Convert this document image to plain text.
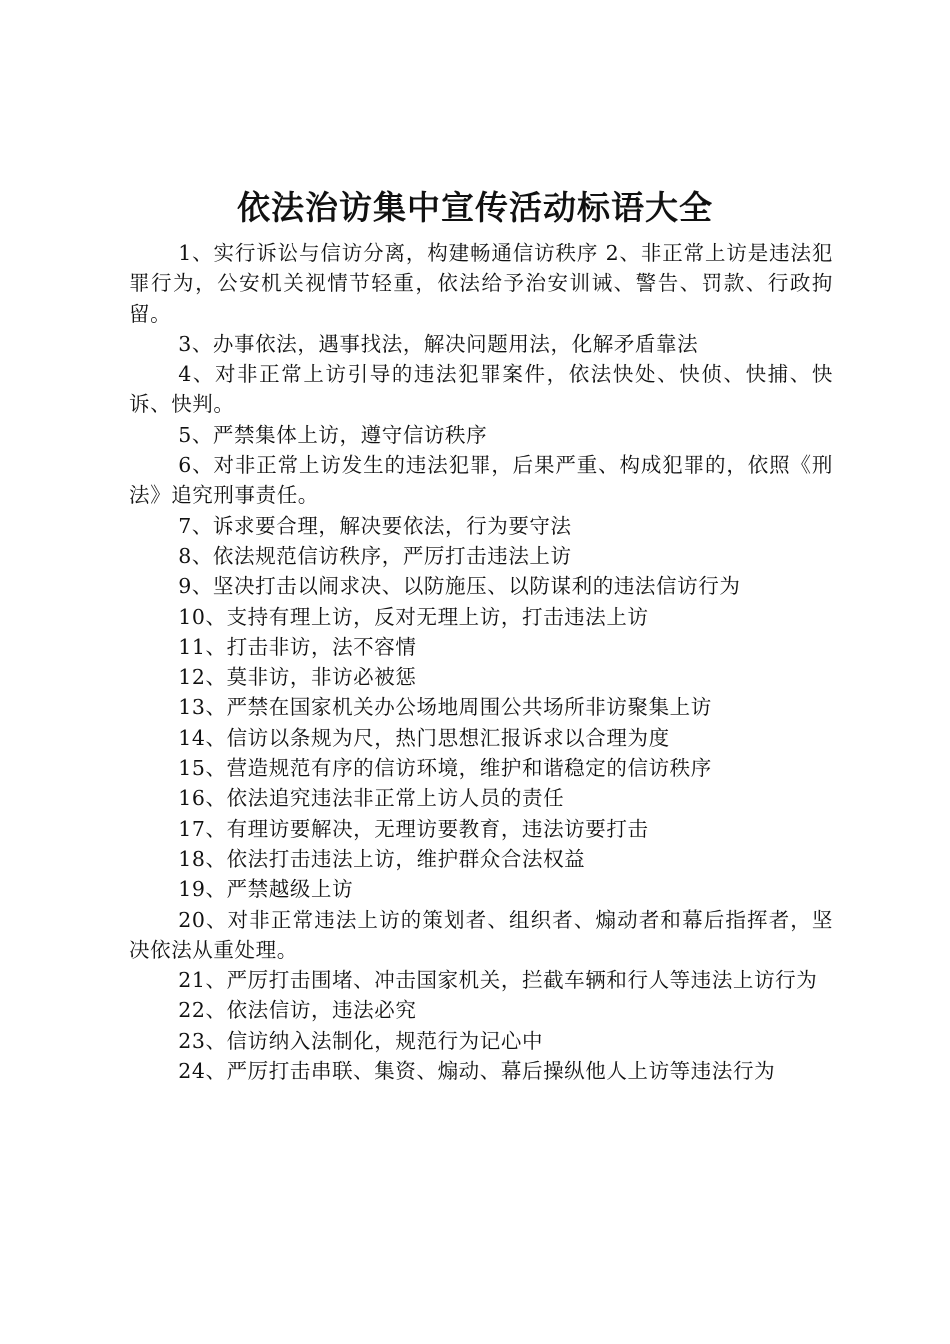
依法治访集中宣传活动标语大全

1、实行诉讼与信访分离，构建畅通信访秩序 2、非正常上访是违法犯罪行为，公安机关视情节轻重，依法给予治安训诫、警告、罚款、行政拘留。

3、办事依法，遇事找法，解决问题用法，化解矛盾靠法

4、对非正常上访引导的违法犯罪案件，依法快处、快侦、快捕、快诉、快判。

5、严禁集体上访，遵守信访秩序

6、对非正常上访发生的违法犯罪，后果严重、构成犯罪的，依照《刑法》追究刑事责任。

7、诉求要合理，解决要依法，行为要守法

8、依法规范信访秩序，严厉打击违法上访

9、坚决打击以闹求决、以防施压、以防谋利的违法信访行为

10、支持有理上访，反对无理上访，打击违法上访

11、打击非访，法不容情

12、莫非访，非访必被惩

13、严禁在国家机关办公场地周围公共场所非访聚集上访

14、信访以条规为尺，热门思想汇报诉求以合理为度

15、营造规范有序的信访环境，维护和谐稳定的信访秩序

16、依法追究违法非正常上访人员的责任

17、有理访要解决，无理访要教育，违法访要打击

18、依法打击违法上访，维护群众合法权益

19、严禁越级上访

20、对非正常违法上访的策划者、组织者、煽动者和幕后指挥者，坚决依法从重处理。

21、严厉打击围堵、冲击国家机关，拦截车辆和行人等违法上访行为

22、依法信访，违法必究

23、信访纳入法制化，规范行为记心中

24、严厉打击串联、集资、煽动、幕后操纵他人上访等违法行为
